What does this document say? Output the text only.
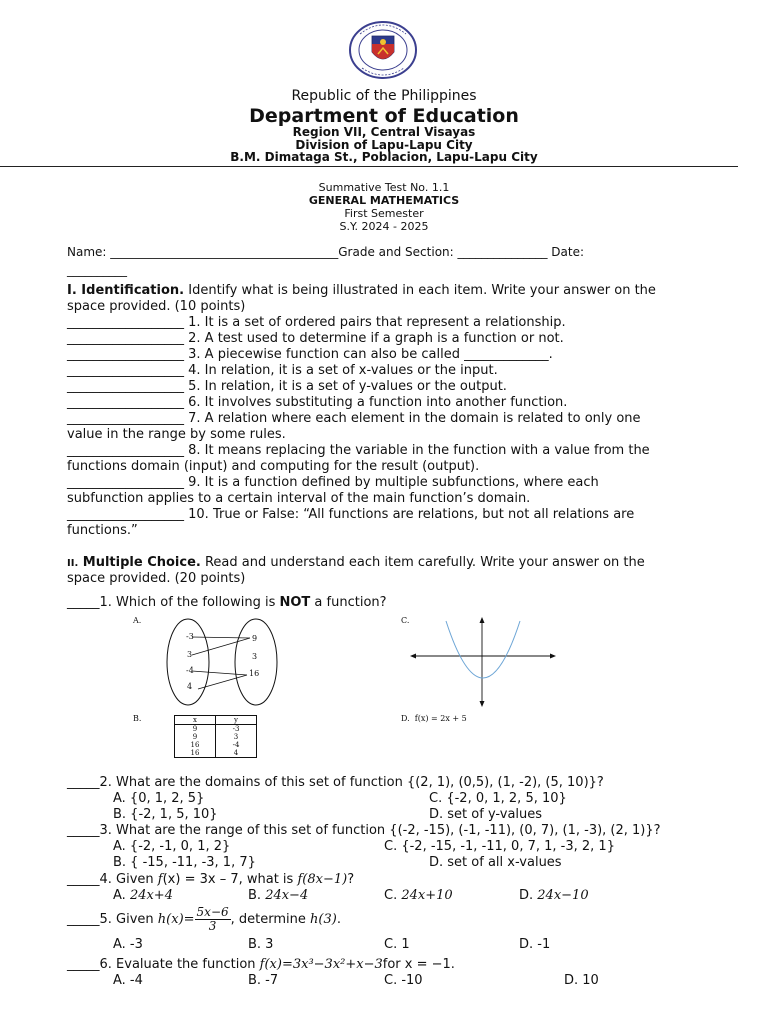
Republic of the Philippines
Department of Education
Region VII, Central Visayas
Division of Lapu-Lapu City
B.M. Dimataga St., Poblacion, Lapu-Lapu City
Summative Test No. 1.1
GENERAL MATHEMATICS
First Semester
S.Y. 2024 - 2025
Name: ______________________________________Grade and Section: _______________ Date:
__________
I. Identification. Identify what is being illustrated in each item. Write your answer on the
space provided. (10 points)
__________________ 1. It is a set of ordered pairs that represent a relationship.
__________________ 2. A test used to determine if a graph is a function or not.
__________________ 3. A piecewise function can also be called _____________.
__________________ 4. In relation, it is a set of x-values or the input.
__________________ 5. In relation, it is a set of y-values or the output.
__________________ 6. It involves substituting a function into another function.
__________________ 7. A relation where each element in the domain is related to only one
value in the range by some rules.
__________________ 8. It means replacing the variable in the function with a value from the
functions domain (input) and computing for the result (output).
__________________ 9. It is a function defined by multiple subfunctions, where each
subfunction applies to a certain interval of the main function’s domain.
__________________ 10. True or False: “All functions are relations, but not all relations are
functions.”
II. Multiple Choice. Read and understand each item carefully. Write your answer on the
space provided. (20 points)
_____1. Which of the following is NOT a function?
A.
-3
3
-4
4
9
3
16
C.
B.	x	y
9	-3
9	3
16	-4
16	4
D. f(x) = 2x + 5
_____2. What are the domains of this set of function {(2, 1), (0,5), (1, -2), (5, 10)}?
A. {0, 1, 2, 5}	C. {-2, 0, 1, 2, 5, 10}
B. {-2, 1, 5, 10}	D. set of y-values
_____3. What are the range of this set of function {(-2, -15), (-1, -11), (0, 7), (1, -3), (2, 1)}?
A. {-2, -1, 0, 1, 2}	C. {-2, -15, -1, -11, 0, 7, 1, -3, 2, 1}
B. { -15, -11, -3, 1, 7}	D. set of all x-values
_____4. Given f(x) = 3x – 7, what is f(8x−1)?
A. 24x+4	B. 24x−4	C. 24x+10	D. 24x−10
_____5. Given $h(x)= \frac{5x-6}{3}$ , determine h(3).
A. -3	B. 3	C. 1	D. -1
_____6. Evaluate the function f(x)=3x³−3x²+x−3for x = −1.
A. -4	B. -7	C. -10	D. 10
